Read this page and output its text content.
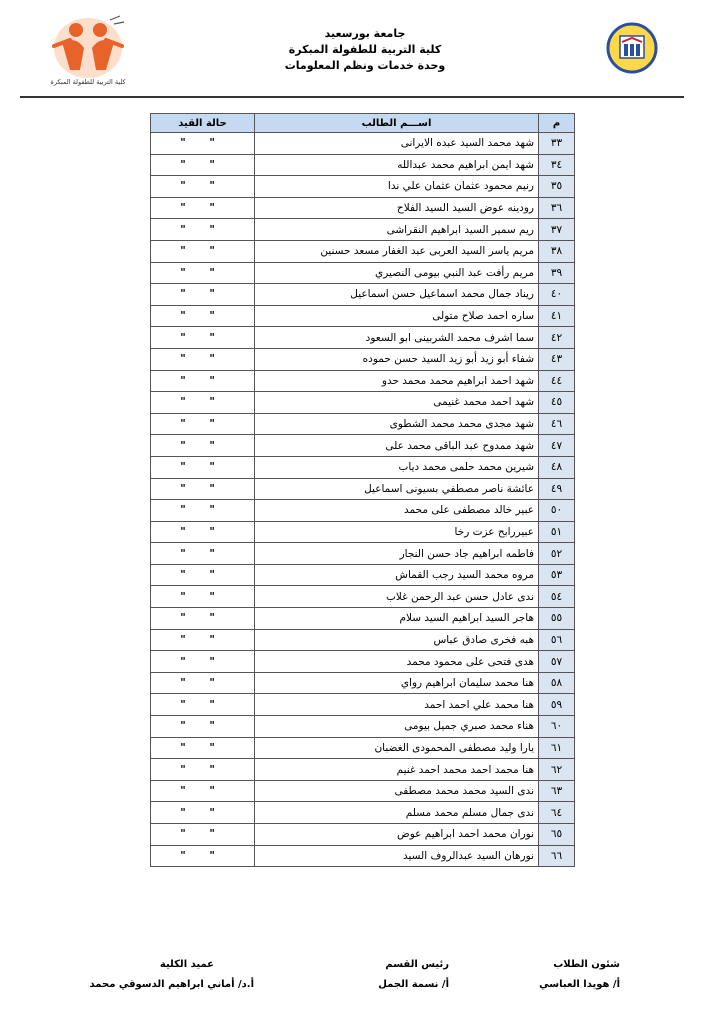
كلية التربية للطفولة المبكرة
جامعة بورسعيد
كلية التربية للطفولة المبكرة
وحدة خدمات ونظم المعلومات
م	اســـم الطالب	حالة القيد
٣٣	شهد محمد السيد عبده الايرانى	" "
٣٤	شهد ايمن ابراهيم محمد عبدالله	" "
٣٥	رنيم محمود عثمان عثمان علي ندا	" "
٣٦	رودينه عوض السيد السيد الفلاح	" "
٣٧	ريم سمير السيد ابراهيم النقراشى	" "
٣٨	مريم ياسر السيد العربى عبد الغفار مسعد حسنين	" "
٣٩	مريم رأفت عبد النبي بيومى النصيري	" "
٤٠	ريناد جمال محمد اسماعيل حسن اسماعيل	" "
٤١	ساره احمد صلاح متولى	" "
٤٢	سما اشرف محمد الشربينى ابو السعود	" "
٤٣	شفاء أبو زيد أبو زيد السيد حسن حموده	" "
٤٤	شهد احمد ابراهيم محمد محمد حدو	" "
٤٥	شهد احمد محمد غنيمى	" "
٤٦	شهد مجدى محمد محمد الشطوى	" "
٤٧	شهد ممدوح عبد الباقى محمد على	" "
٤٨	شيرين محمد حلمى محمد دياب	" "
٤٩	عائشة ناصر مصطفي بسيونى اسماعيل	" "
٥٠	عبير خالد مصطفى على محمد	" "
٥١	عبيررابح عزت رخا	" "
٥٢	فاطمه ابراهيم جاد حسن النجار	" "
٥٣	مروه محمد السيد رجب القماش	" "
٥٤	ندى عادل حسن عبد الرحمن غلاب	" "
٥٥	هاجر السيد ابراهيم السيد سلام	" "
٥٦	هبه فخرى صادق عباس	" "
٥٧	هدى فتحى على محمود محمد	" "
٥٨	هنا محمد سليمان ابراهيم رواي	" "
٥٩	هنا محمد علي احمد احمد	" "
٦٠	هناء محمد صبري جميل بيومى	" "
٦١	يارا وليد مصطفى المحمودى الغضبان	" "
٦٢	هنا محمد احمد محمد احمد غنيم	" "
٦٣	ندى السيد محمد محمد مصطفى	" "
٦٤	ندى جمال مسلم محمد مسلم	" "
٦٥	نوران محمد احمد ابراهيم عوض	" "
٦٦	نورهان السيد عبدالروف السيد	" "
شئون الطلاب
أ/ هويدا العباسي
رئيس القسم
أ/ نسمة الجمل
عميد الكلية
أ.د/ أماني ابراهيم الدسوقي محمد
